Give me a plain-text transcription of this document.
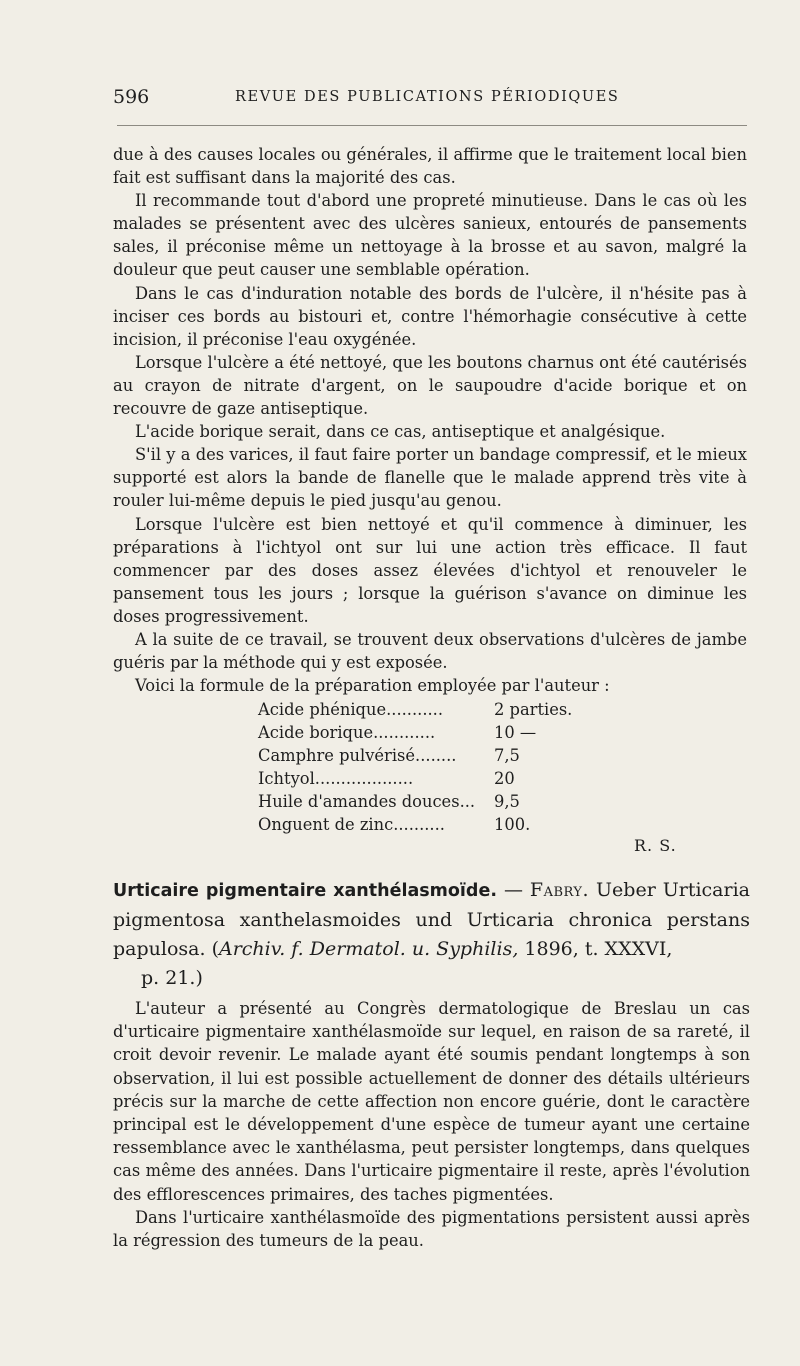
596	REVUE DES PUBLICATIONS PÉRIODIQUES

due à des causes locales ou générales, il affirme que le traitement local bien fait est suffisant dans la majorité des cas.

Il recommande tout d'abord une propreté minutieuse. Dans le cas où les malades se présentent avec des ulcères sanieux, entourés de pansements sales, il préconise même un nettoyage à la brosse et au savon, malgré la douleur que peut causer une semblable opération.

Dans le cas d'induration notable des bords de l'ulcère, il n'hésite pas à inciser ces bords au bistouri et, contre l'hémorhagie consécutive à cette incision, il préconise l'eau oxygénée.

Lorsque l'ulcère a été nettoyé, que les boutons charnus ont été cautérisés au crayon de nitrate d'argent, on le saupoudre d'acide borique et on recouvre de gaze antiseptique.

L'acide borique serait, dans ce cas, antiseptique et analgésique.

S'il y a des varices, il faut faire porter un bandage compressif, et le mieux supporté est alors la bande de flanelle que le malade apprend très vite à rouler lui-même depuis le pied jusqu'au genou.

Lorsque l'ulcère est bien nettoyé et qu'il commence à diminuer, les préparations à l'ichtyol ont sur lui une action très efficace. Il faut commencer par des doses assez élevées d'ichtyol et renouveler le pansement tous les jours ; lorsque la guérison s'avance on diminue les doses progressivement.

A la suite de ce travail, se trouvent deux observations d'ulcères de jambe guéris par la méthode qui y est exposée.

Voici la formule de la préparation employée par l'auteur :

Acide phénique...........	2 parties.
Acide borique............	10 —
Camphre pulvérisé........	7,5
Ichtyol...................	20
Huile d'amandes douces...	9,5
Onguent de zinc..........	100.
R. S.
Urticaire pigmentaire xanthélasmoïde. — Fabry. Ueber Urticaria pigmentosa xanthelasmoides und Urticaria chronica perstans papulosa. (Archiv. f. Dermatol. u. Syphilis, 1896, t. XXXVI,
p. 21.)

L'auteur a présenté au Congrès dermatologique de Breslau un cas d'urticaire pigmentaire xanthélasmoïde sur lequel, en raison de sa rareté, il croit devoir revenir. Le malade ayant été soumis pendant longtemps à son observation, il lui est possible actuellement de donner des détails ultérieurs précis sur la marche de cette affection non encore guérie, dont le caractère principal est le développement d'une espèce de tumeur ayant une certaine ressemblance avec le xanthélasma, peut persister longtemps, dans quelques cas même des années. Dans l'urticaire pigmentaire il reste, après l'évolution des efflorescences primaires, des taches pigmentées.

Dans l'urticaire xanthélasmoïde des pigmentations persistent aussi après la régression des tumeurs de la peau.
